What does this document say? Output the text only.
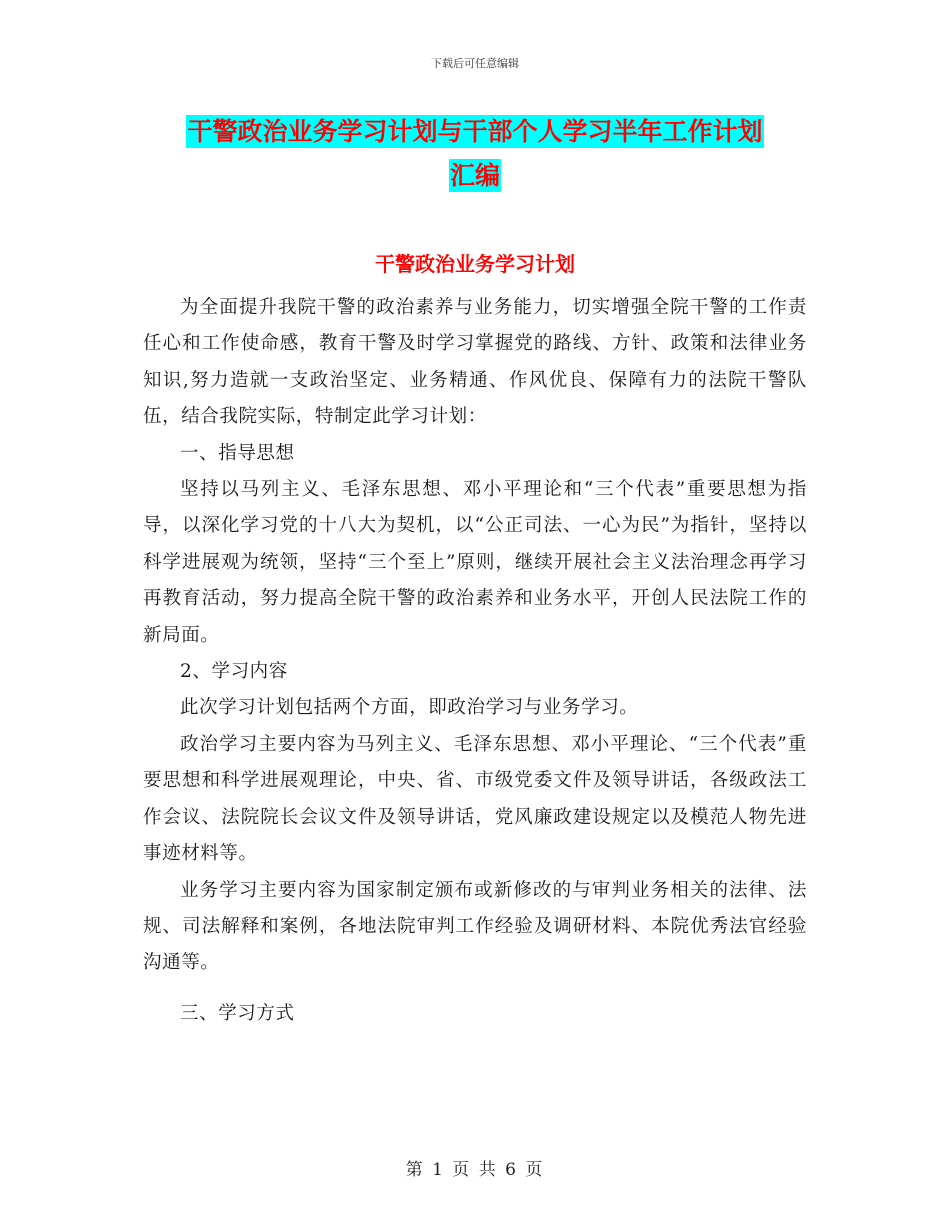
下载后可任意编辑
干警政治业务学习计划与干部个人学习半年工作计划
汇编
干警政治业务学习计划

为全面提升我院干警的政治素养与业务能力，切实增强全院干警的工作责任心和工作使命感，教育干警及时学习掌握党的路线、方针、政策和法律业务知识,努力造就一支政治坚定、业务精通、作风优良、保障有力的法院干警队伍，结合我院实际，特制定此学习计划：

一、指导思想

坚持以马列主义、毛泽东思想、邓小平理论和“三个代表”重要思想为指导，以深化学习党的十八大为契机，以“公正司法、一心为民”为指针，坚持以科学进展观为统领，坚持“三个至上”原则，继续开展社会主义法治理念再学习再教育活动，努力提高全院干警的政治素养和业务水平，开创人民法院工作的新局面。

2、学习内容

此次学习计划包括两个方面，即政治学习与业务学习。

政治学习主要内容为马列主义、毛泽东思想、邓小平理论、“三个代表”重要思想和科学进展观理论，中央、省、市级党委文件及领导讲话，各级政法工作会议、法院院长会议文件及领导讲话，党风廉政建设规定以及模范人物先进事迹材料等。

业务学习主要内容为国家制定颁布或新修改的与审判业务相关的法律、法规、司法解释和案例，各地法院审判工作经验及调研材料、本院优秀法官经验沟通等。

三、学习方式

第 1 页 共 6 页
